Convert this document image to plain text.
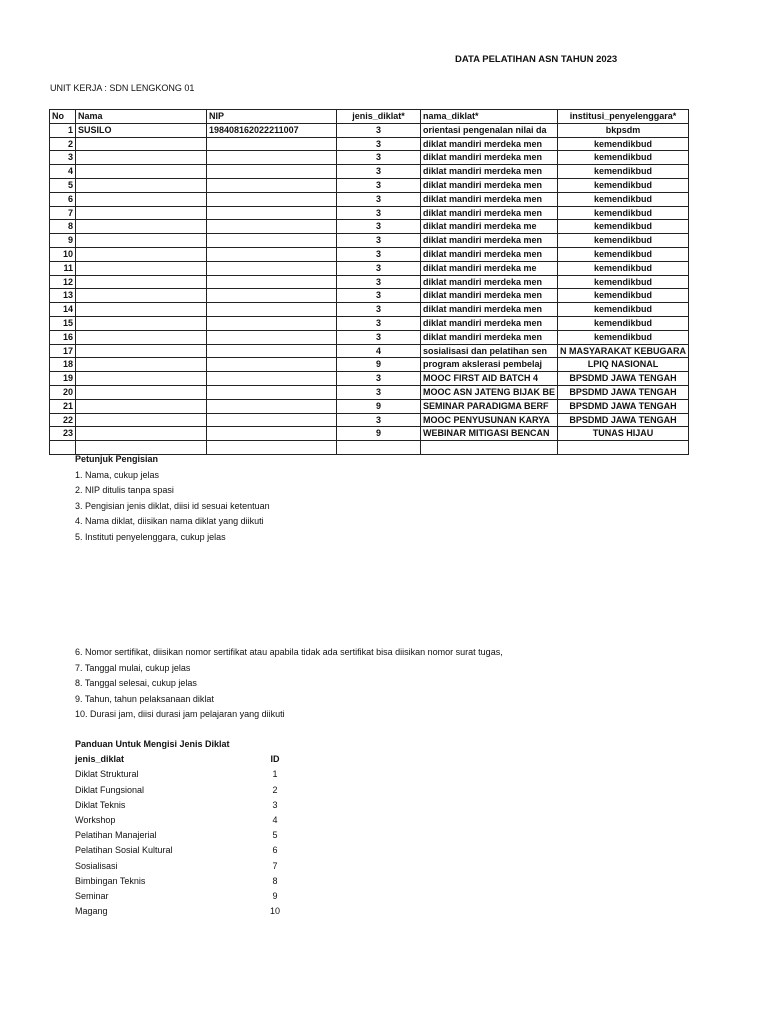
DATA PELATIHAN ASN TAHUN 2023
UNIT KERJA : SDN LENGKONG 01
No	Nama	NIP	jenis_diklat*	nama_diklat*	institusi_penyelenggara*
1	SUSILO	198408162022211007	3	orientasi pengenalan nilai da	bkpsdm
2			3	diklat mandiri merdeka men	kemendikbud
3			3	diklat mandiri merdeka men	kemendikbud
4			3	diklat mandiri merdeka men	kemendikbud
5			3	diklat mandiri merdeka men	kemendikbud
6			3	diklat mandiri merdeka men	kemendikbud
7			3	diklat mandiri merdeka men	kemendikbud
8			3	diklat mandiri merdeka me	kemendikbud
9			3	diklat mandiri merdeka men	kemendikbud
10			3	diklat mandiri merdeka men	kemendikbud
11			3	diklat mandiri merdeka me	kemendikbud
12			3	diklat mandiri merdeka men	kemendikbud
13			3	diklat mandiri merdeka men	kemendikbud
14			3	diklat mandiri merdeka men	kemendikbud
15			3	diklat mandiri merdeka men	kemendikbud
16			3	diklat mandiri merdeka men	kemendikbud
17			4	sosialisasi dan pelatihan sen	N MASYARAKAT KEBUGARA
18			9	program akslerasi pembelaj	LPIQ NASIONAL
19			3	MOOC FIRST AID BATCH 4	BPSDMD JAWA TENGAH
20			3	MOOC ASN JATENG BIJAK BE	BPSDMD JAWA TENGAH
21			9	SEMINAR PARADIGMA BERF	BPSDMD JAWA TENGAH
22			3	MOOC PENYUSUNAN KARYA	BPSDMD JAWA TENGAH
23			9	WEBINAR MITIGASI BENCAN	TUNAS HIJAU

Petunjuk Pengisian
1. Nama, cukup jelas
2. NIP ditulis tanpa spasi
3. Pengisian jenis diklat, diisi id sesuai ketentuan
4. Nama diklat, diisikan nama diklat yang diikuti
5. Instituti penyelenggara, cukup jelas
6. Nomor sertifikat, diisikan nomor sertifikat atau apabila tidak ada sertifikat bisa diisikan nomor surat tugas,
7. Tanggal mulai, cukup jelas
8. Tanggal selesai, cukup jelas
9. Tahun, tahun pelaksanaan diklat
10. Durasi jam, diisi durasi jam pelajaran yang diikuti
Panduan Untuk Mengisi Jenis Diklat
jenis_diklat	ID
Diklat Struktural	1
Diklat Fungsional	2
Diklat Teknis	3
Workshop	4
Pelatihan Manajerial	5
Pelatihan Sosial Kultural	6
Sosialisasi	7
Bimbingan Teknis	8
Seminar	9
Magang	10
